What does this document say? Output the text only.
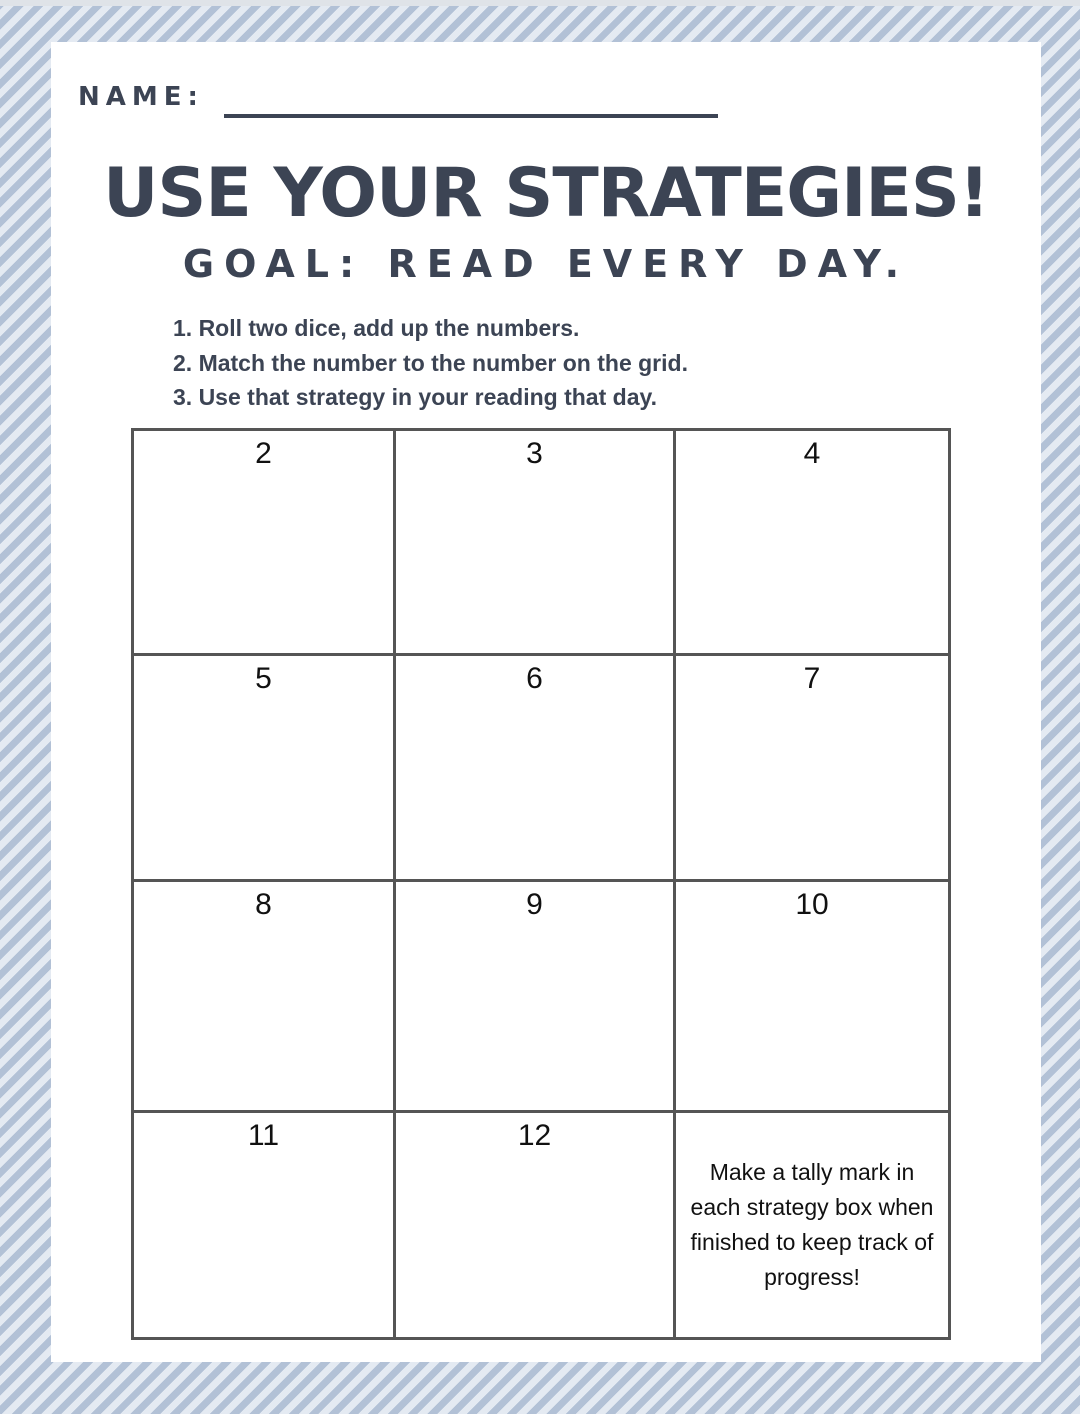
NAME:
USE YOUR STRATEGIES!
GOAL: READ EVERY DAY.
1. Roll two dice, add up the numbers.
2. Match the number to the number on the grid.
3. Use that strategy in your reading that day.
2	3	4

5	6	7

8	9	10

11	12	Make a tally mark in each strategy box when finished to keep track of progress!
